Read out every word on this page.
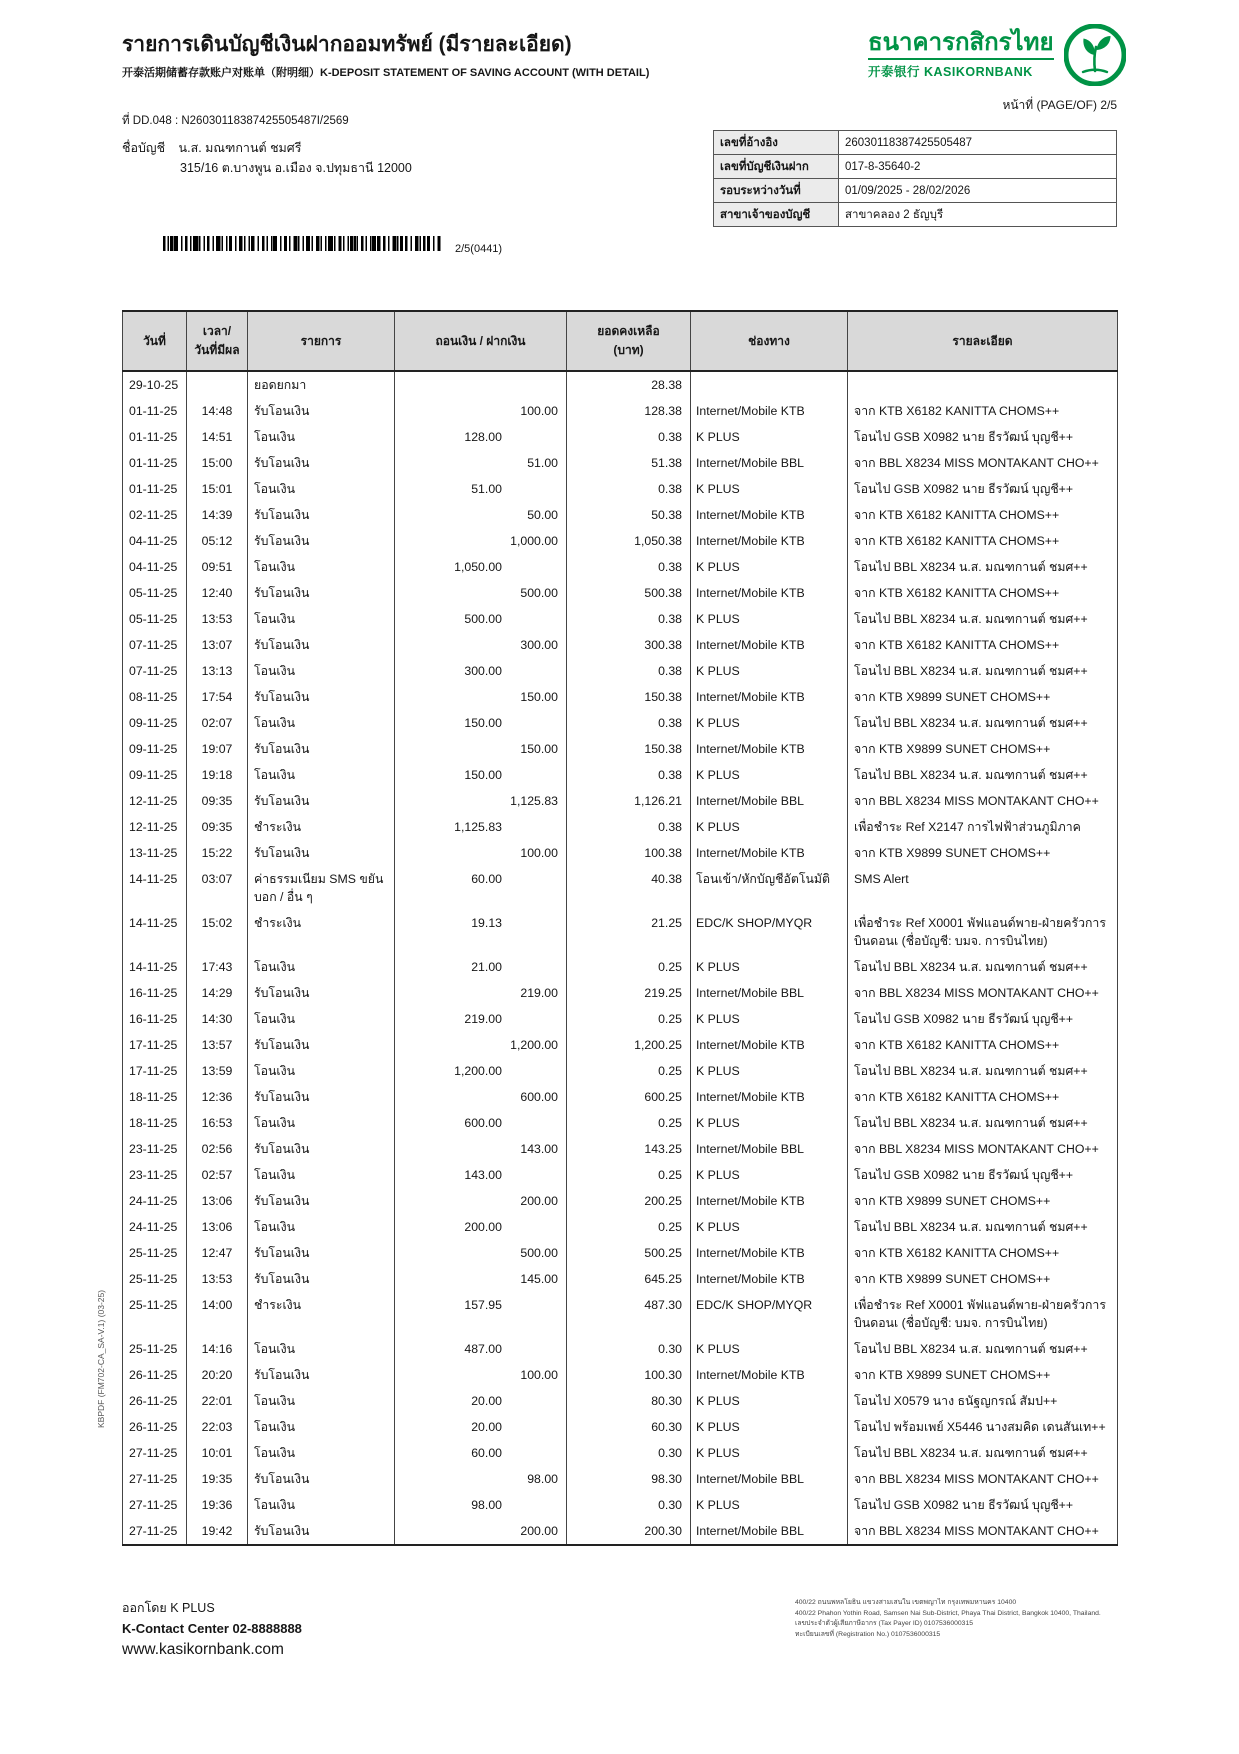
รายการเดินบัญชีเงินฝากออมทรัพย์ (มีรายละเอียด)
开泰活期储蓄存款账户对账单（附明细）K-DEPOSIT STATEMENT OF SAVING ACCOUNT (WITH DETAIL)
ธนาคารกสิกรไทย
开泰银行 KASIKORNBANK
หน้าที่ (PAGE/OF) 2/5
ที่ DD.048 : N26030118387425505487I/2569
ชื่อบัญชี น.ส. มณฑกานต์ ชมศรี
315/16 ต.บางพูน อ.เมือง จ.ปทุมธานี 12000
เลขที่อ้างอิง	26030118387425505487
เลขที่บัญชีเงินฝาก	017-8-35640-2
รอบระหว่างวันที่	01/09/2025 - 28/02/2026
สาขาเจ้าของบัญชี	สาขาคลอง 2 ธัญบุรี
2/5(0441)
วันที่	
เวลา/
วันที่มีผล
	รายการ	ถอนเงิน / ฝากเงิน	
ยอดคงเหลือ
(บาท)
	ช่องทาง	รายละเอียด
29-10-25		ยอดยกมา		28.38		
01-11-25	14:48	รับโอนเงิน	100.00	128.38	Internet/Mobile KTB	จาก KTB X6182 KANITTA CHOMS++
01-11-25	14:51	โอนเงิน	128.00	0.38	K PLUS	โอนไป GSB X0982 นาย ธีรวัฒน์ บุญชี++
01-11-25	15:00	รับโอนเงิน	51.00	51.38	Internet/Mobile BBL	จาก BBL X8234 MISS MONTAKANT CHO++
01-11-25	15:01	โอนเงิน	51.00	0.38	K PLUS	โอนไป GSB X0982 นาย ธีรวัฒน์ บุญชี++
02-11-25	14:39	รับโอนเงิน	50.00	50.38	Internet/Mobile KTB	จาก KTB X6182 KANITTA CHOMS++
04-11-25	05:12	รับโอนเงิน	1,000.00	1,050.38	Internet/Mobile KTB	จาก KTB X6182 KANITTA CHOMS++
04-11-25	09:51	โอนเงิน	1,050.00	0.38	K PLUS	โอนไป BBL X8234 น.ส. มณฑกานต์ ชมศ++
05-11-25	12:40	รับโอนเงิน	500.00	500.38	Internet/Mobile KTB	จาก KTB X6182 KANITTA CHOMS++
05-11-25	13:53	โอนเงิน	500.00	0.38	K PLUS	โอนไป BBL X8234 น.ส. มณฑกานต์ ชมศ++
07-11-25	13:07	รับโอนเงิน	300.00	300.38	Internet/Mobile KTB	จาก KTB X6182 KANITTA CHOMS++
07-11-25	13:13	โอนเงิน	300.00	0.38	K PLUS	โอนไป BBL X8234 น.ส. มณฑกานต์ ชมศ++
08-11-25	17:54	รับโอนเงิน	150.00	150.38	Internet/Mobile KTB	จาก KTB X9899 SUNET CHOMS++
09-11-25	02:07	โอนเงิน	150.00	0.38	K PLUS	โอนไป BBL X8234 น.ส. มณฑกานต์ ชมศ++
09-11-25	19:07	รับโอนเงิน	150.00	150.38	Internet/Mobile KTB	จาก KTB X9899 SUNET CHOMS++
09-11-25	19:18	โอนเงิน	150.00	0.38	K PLUS	โอนไป BBL X8234 น.ส. มณฑกานต์ ชมศ++
12-11-25	09:35	รับโอนเงิน	1,125.83	1,126.21	Internet/Mobile BBL	จาก BBL X8234 MISS MONTAKANT CHO++
12-11-25	09:35	ชำระเงิน	1,125.83	0.38	K PLUS	เพื่อชำระ Ref X2147 การไฟฟ้าส่วนภูมิภาค
13-11-25	15:22	รับโอนเงิน	100.00	100.38	Internet/Mobile KTB	จาก KTB X9899 SUNET CHOMS++
14-11-25	03:07	ค่าธรรมเนียม SMS ขยันบอก / อื่น ๆ	60.00	40.38	โอนเข้า/หักบัญชีอัตโนมัติ	SMS Alert
14-11-25	15:02	ชำระเงิน	19.13	21.25	EDC/K SHOP/MYQR	เพื่อชำระ Ref X0001 พัฟแอนด์พาย-ฝ่ายครัวการบินดอนเ (ชื่อบัญชี: บมจ. การบินไทย)
14-11-25	17:43	โอนเงิน	21.00	0.25	K PLUS	โอนไป BBL X8234 น.ส. มณฑกานต์ ชมศ++
16-11-25	14:29	รับโอนเงิน	219.00	219.25	Internet/Mobile BBL	จาก BBL X8234 MISS MONTAKANT CHO++
16-11-25	14:30	โอนเงิน	219.00	0.25	K PLUS	โอนไป GSB X0982 นาย ธีรวัฒน์ บุญชี++
17-11-25	13:57	รับโอนเงิน	1,200.00	1,200.25	Internet/Mobile KTB	จาก KTB X6182 KANITTA CHOMS++
17-11-25	13:59	โอนเงิน	1,200.00	0.25	K PLUS	โอนไป BBL X8234 น.ส. มณฑกานต์ ชมศ++
18-11-25	12:36	รับโอนเงิน	600.00	600.25	Internet/Mobile KTB	จาก KTB X6182 KANITTA CHOMS++
18-11-25	16:53	โอนเงิน	600.00	0.25	K PLUS	โอนไป BBL X8234 น.ส. มณฑกานต์ ชมศ++
23-11-25	02:56	รับโอนเงิน	143.00	143.25	Internet/Mobile BBL	จาก BBL X8234 MISS MONTAKANT CHO++
23-11-25	02:57	โอนเงิน	143.00	0.25	K PLUS	โอนไป GSB X0982 นาย ธีรวัฒน์ บุญชี++
24-11-25	13:06	รับโอนเงิน	200.00	200.25	Internet/Mobile KTB	จาก KTB X9899 SUNET CHOMS++
24-11-25	13:06	โอนเงิน	200.00	0.25	K PLUS	โอนไป BBL X8234 น.ส. มณฑกานต์ ชมศ++
25-11-25	12:47	รับโอนเงิน	500.00	500.25	Internet/Mobile KTB	จาก KTB X6182 KANITTA CHOMS++
25-11-25	13:53	รับโอนเงิน	145.00	645.25	Internet/Mobile KTB	จาก KTB X9899 SUNET CHOMS++
25-11-25	14:00	ชำระเงิน	157.95	487.30	EDC/K SHOP/MYQR	เพื่อชำระ Ref X0001 พัฟแอนด์พาย-ฝ่ายครัวการบินดอนเ (ชื่อบัญชี: บมจ. การบินไทย)
25-11-25	14:16	โอนเงิน	487.00	0.30	K PLUS	โอนไป BBL X8234 น.ส. มณฑกานต์ ชมศ++
26-11-25	20:20	รับโอนเงิน	100.00	100.30	Internet/Mobile KTB	จาก KTB X9899 SUNET CHOMS++
26-11-25	22:01	โอนเงิน	20.00	80.30	K PLUS	โอนไป X0579 นาง ธนัฐญกรณ์ สัมป++
26-11-25	22:03	โอนเงิน	20.00	60.30	K PLUS	โอนไป พร้อมเพย์ X5446 นางสมคิด เดนสันเท++
27-11-25	10:01	โอนเงิน	60.00	0.30	K PLUS	โอนไป BBL X8234 น.ส. มณฑกานต์ ชมศ++
27-11-25	19:35	รับโอนเงิน	98.00	98.30	Internet/Mobile BBL	จาก BBL X8234 MISS MONTAKANT CHO++
27-11-25	19:36	โอนเงิน	98.00	0.30	K PLUS	โอนไป GSB X0982 นาย ธีรวัฒน์ บุญชี++
27-11-25	19:42	รับโอนเงิน	200.00	200.30	Internet/Mobile BBL	จาก BBL X8234 MISS MONTAKANT CHO++
ออกโดย K PLUS
K-Contact Center 02-8888888
www.kasikornbank.com
400/22 ถนนพหลโยธิน แขวงสามเสนใน เขตพญาไท กรุงเทพมหานคร 10400
400/22 Phahon Yothin Road, Samsen Nai Sub-District, Phaya Thai District, Bangkok 10400, Thailand.
เลขประจำตัวผู้เสียภาษีอากร (Tax Payer ID) 0107536000315
ทะเบียนเลขที่ (Registration No.) 0107536000315
KBPDF (FM702-CA_SA-V.1) (03-25)
